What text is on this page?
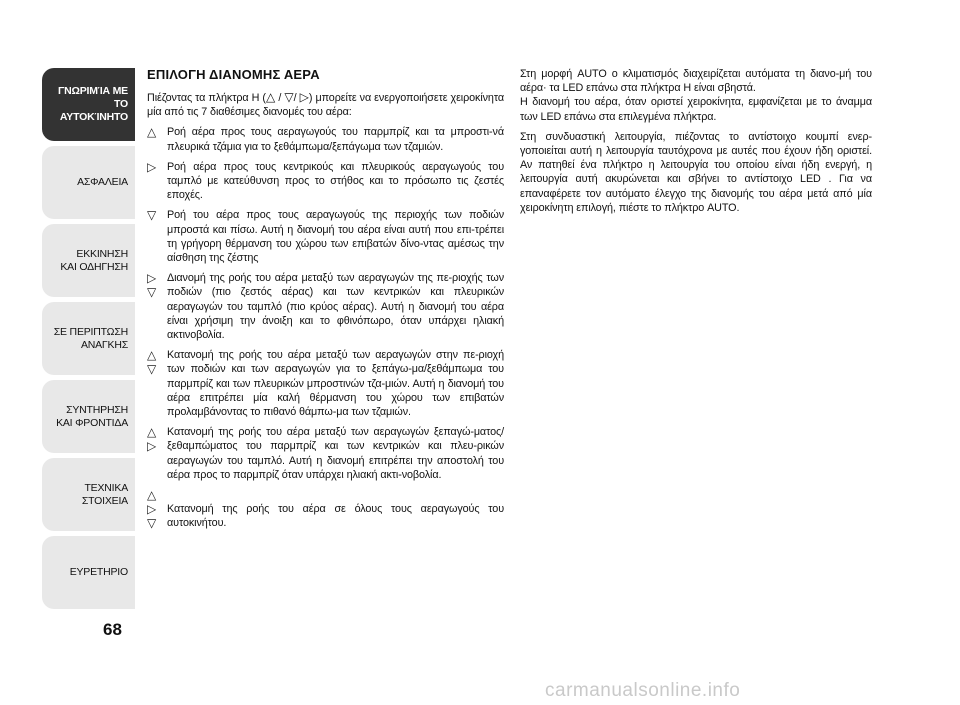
ΓΝΩΡΙΜΊΑ ΜΕ ΤΟ
ΑΥΤΟΚΊΝΗΤΟ
ΑΣΦΑΛΕΙΑ
ΕΚΚΙΝΗΣΗ
ΚΑΙ ΟΔΗΓΗΣΗ
ΣΕ ΠΕΡΙΠΤΩΣΗ
ΑΝΑΓΚΗΣ
ΣΥΝΤΗΡΗΣΗ
ΚΑΙ ΦΡΟΝΤΙΔΑ
ΤΕΧΝΙΚΑ
ΣΤΟΙΧΕΙΑ
ΕΥΡΕΤΗΡΙΟ
68
ΕΠΙΛΟΓΗ ΔΙΑΝΟΜΗΣ ΑΕΡΑ
Πιέζοντας τα πλήκτρα H (△ / ▽/ ▷) μπορείτε να ενεργοποιήσετε χειροκίνητα μία από τις 7 διαθέσιμες διανομές του αέρα:
△ Ροή αέρα προς τους αεραγωγούς του παρμπρίζ και τα μπροστι-νά πλευρικά τζάμια για το ξεθάμπωμα/ξεπάγωμα των τζαμιών.
▷ Ροή αέρα προς τους κεντρικούς και πλευρικούς αεραγωγούς του ταμπλό με κατεύθυνση προς το στήθος και το πρόσωπο τις ζεστές εποχές.
▽ Ροή του αέρα προς τους αεραγωγούς της περιοχής των ποδιών μπροστά και πίσω. Αυτή η διανομή του αέρα είναι αυτή που επι-τρέπει τη γρήγορη θέρμανση του χώρου των επιβατών δίνο-ντας αμέσως την αίσθηση της ζέστης
▷
▽
Διανομή της ροής του αέρα μεταξύ των αεραγωγών της πε-ριοχής των ποδιών (πιο ζεστός αέρας) και των κεντρικών και πλευρικών αεραγωγών του ταμπλό (πιο κρύος αέρας). Αυτή η διανομή του αέρα είναι χρήσιμη την άνοιξη και το φθινόπωρο, όταν υπάρχει ηλιακή ακτινοβολία.
△
▽
Κατανομή της ροής του αέρα μεταξύ των αεραγωγών στην πε-ριοχή των ποδιών και των αεραγωγών για το ξεπάγω-μα/ξεθάμπωμα του παρμπρίζ και των πλευρικών μπροστινών τζα-μιών. Αυτή η διανομή του αέρα επιτρέπει μία καλή θέρμανση του χώρου των επιβατών προλαμβάνοντας το πιθανό θάμπω-μα των τζαμιών.
△
▷
Κατανομή της ροής του αέρα μεταξύ των αεραγωγών ξεπαγώ-ματος/ξεθαμπώματος του παρμπρίζ και των κεντρικών και πλευ-ρικών αεραγωγών του ταμπλό. Αυτή η διανομή επιτρέπει την αποστολή του αέρα προς το παρμπρίζ όταν υπάρχει ηλιακή ακτι-νοβολία.
△
▷
▽
Κατανομή της ροής του αέρα σε όλους τους αεραγωγούς του αυτοκινήτου.
Στη μορφή AUTO ο κλιματισμός διαχειρίζεται αυτόματα τη διανο-μή του αέρα· τα LED επάνω στα πλήκτρα H είναι σβηστά.
Η διανομή του αέρα, όταν οριστεί χειροκίνητα, εμφανίζεται με το άναμμα των LED επάνω στα επιλεγμένα πλήκτρα.
Στη συνδυαστική λειτουργία, πιέζοντας το αντίστοιχο κουμπί ενερ-γοποιείται αυτή η λειτουργία ταυτόχρονα με αυτές που έχουν ήδη οριστεί. Αν πατηθεί ένα πλήκτρο η λειτουργία του οποίου είναι ήδη ενεργή, η λειτουργία αυτή ακυρώνεται και σβήνει το αντίστοιχο LED . Για να επαναφέρετε τον αυτόματο έλεγχο της διανομής του αέρα μετά από μία χειροκίνητη επιλογή, πιέστε το πλήκτρο AUTO.
carmanualsonline.info
